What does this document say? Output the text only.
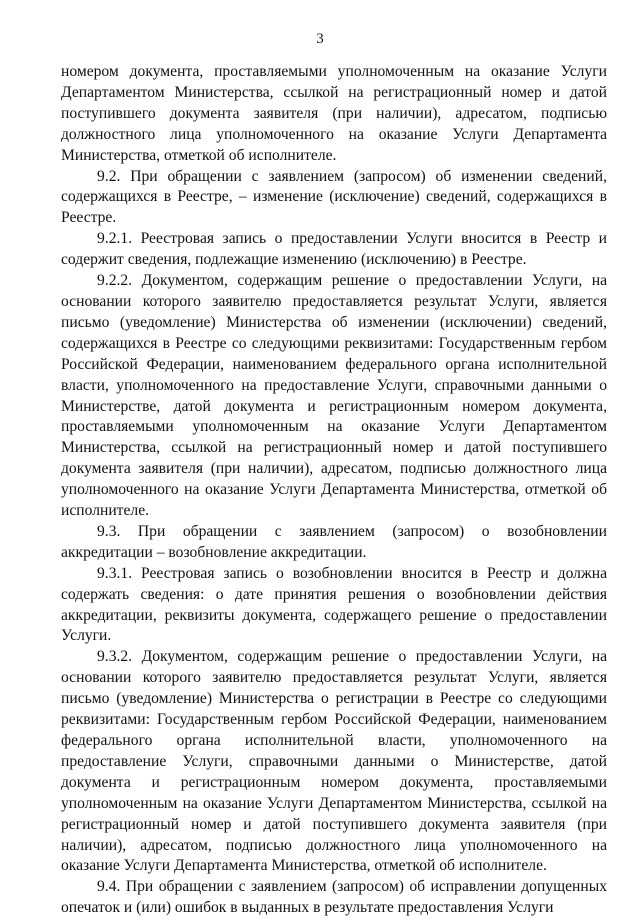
3

номером документа, проставляемыми уполномоченным на оказание Услуги Департаментом Министерства, ссылкой на регистрационный номер и датой поступившего документа заявителя (при наличии), адресатом, подписью должностного лица уполномоченного на оказание Услуги Департамента Министерства, отметкой об исполнителе.

9.2. При обращении с заявлением (запросом) об изменении сведений, содержащихся в Реестре, – изменение (исключение) сведений, содержащихся в Реестре.

9.2.1. Реестровая запись о предоставлении Услуги вносится в Реестр и содержит сведения, подлежащие изменению (исключению) в Реестре.

9.2.2. Документом, содержащим решение о предоставлении Услуги, на основании которого заявителю предоставляется результат Услуги, является письмо (уведомление) Министерства об изменении (исключении) сведений, содержащихся в Реестре со следующими реквизитами: Государственным гербом Российской Федерации, наименованием федерального органа исполнительной власти, уполномоченного на предоставление Услуги, справочными данными о Министерстве, датой документа и регистрационным номером документа, проставляемыми уполномоченным на оказание Услуги Департаментом Министерства, ссылкой на регистрационный номер и датой поступившего документа заявителя (при наличии), адресатом, подписью должностного лица уполномоченного на оказание Услуги Департамента Министерства, отметкой об исполнителе.

9.3. При обращении с заявлением (запросом) о возобновлении аккредитации – возобновление аккредитации.

9.3.1. Реестровая запись о возобновлении вносится в Реестр и должна содержать сведения: о дате принятия решения о возобновлении действия аккредитации, реквизиты документа, содержащего решение о предоставлении Услуги.

9.3.2. Документом, содержащим решение о предоставлении Услуги, на основании которого заявителю предоставляется результат Услуги, является письмо (уведомление) Министерства о регистрации в Реестре со следующими реквизитами: Государственным гербом Российской Федерации, наименованием федерального органа исполнительной власти, уполномоченного на предоставление Услуги, справочными данными о Министерстве, датой документа и регистрационным номером документа, проставляемыми уполномоченным на оказание Услуги Департаментом Министерства, ссылкой на регистрационный номер и датой поступившего документа заявителя (при наличии), адресатом, подписью должностного лица уполномоченного на оказание Услуги Департамента Министерства, отметкой об исполнителе.

9.4. При обращении с заявлением (запросом) об исправлении допущенных опечаток и (или) ошибок в выданных в результате предоставления Услуги
